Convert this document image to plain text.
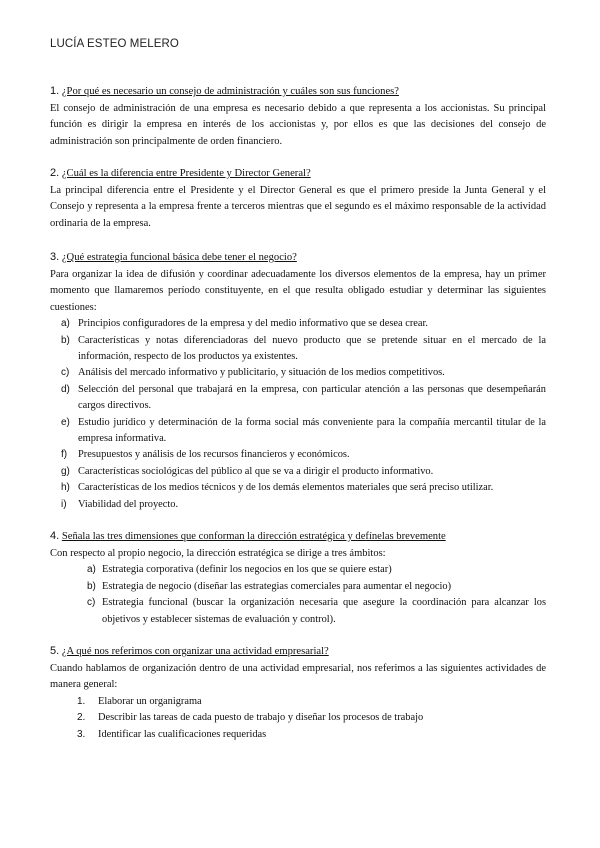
LUCÍA ESTEO MELERO

1. ¿Por qué es necesario un consejo de administración y cuáles son sus funciones?

El consejo de administración de una empresa es necesario debido a que representa a los accionistas. Su principal función es dirigir la empresa en interés de los accionistas y, por ellos es que las decisiones del consejo de administración son principalmente de orden financiero.

2. ¿Cuál es la diferencia entre Presidente y Director General?

La principal diferencia entre el Presidente y el Director General es que el primero preside la Junta General y el Consejo y representa a la empresa frente a terceros mientras que el segundo es el máximo responsable de la actividad ordinaria de la empresa.

3. ¿Qué estrategia funcional básica debe tener el negocio?

Para organizar la idea de difusión y coordinar adecuadamente los diversos elementos de la empresa, hay un primer momento que llamaremos período constituyente, en el que resulta obligado estudiar y determinar las siguientes cuestiones:

a) Principios configuradores de la empresa y del medio informativo que se desea crear.
b) Características y notas diferenciadoras del nuevo producto que se pretende situar en el mercado de la información, respecto de los productos ya existentes.
c) Análisis del mercado informativo y publicitario, y situación de los medios competitivos.
d) Selección del personal que trabajará en la empresa, con particular atención a las personas que desempeñarán cargos directivos.
e) Estudio jurídico y determinación de la forma social más conveniente para la compañía mercantil titular de la empresa informativa.
f) Presupuestos y análisis de los recursos financieros y económicos.
g) Características sociológicas del público al que se va a dirigir el producto informativo.
h) Características de los medios técnicos y de los demás elementos materiales que será preciso utilizar.
i) Viabilidad del proyecto.

4. Señala las tres dimensiones que conforman la dirección estratégica y defínelas brevemente

Con respecto al propio negocio, la dirección estratégica se dirige a tres ámbitos:

a) Estrategia corporativa (definir los negocios en los que se quiere estar)
b) Estrategia de negocio (diseñar las estrategias comerciales para aumentar el negocio)
c) Estrategia funcional (buscar la organización necesaria que asegure la coordinación para alcanzar los objetivos y establecer sistemas de evaluación y control).

5. ¿A qué nos referimos con organizar una actividad empresarial?

Cuando hablamos de organización dentro de una actividad empresarial, nos referimos a las siguientes actividades de manera general:

1. Elaborar un organigrama
2. Describir las tareas de cada puesto de trabajo y diseñar los procesos de trabajo
3. Identificar las cualificaciones requeridas
